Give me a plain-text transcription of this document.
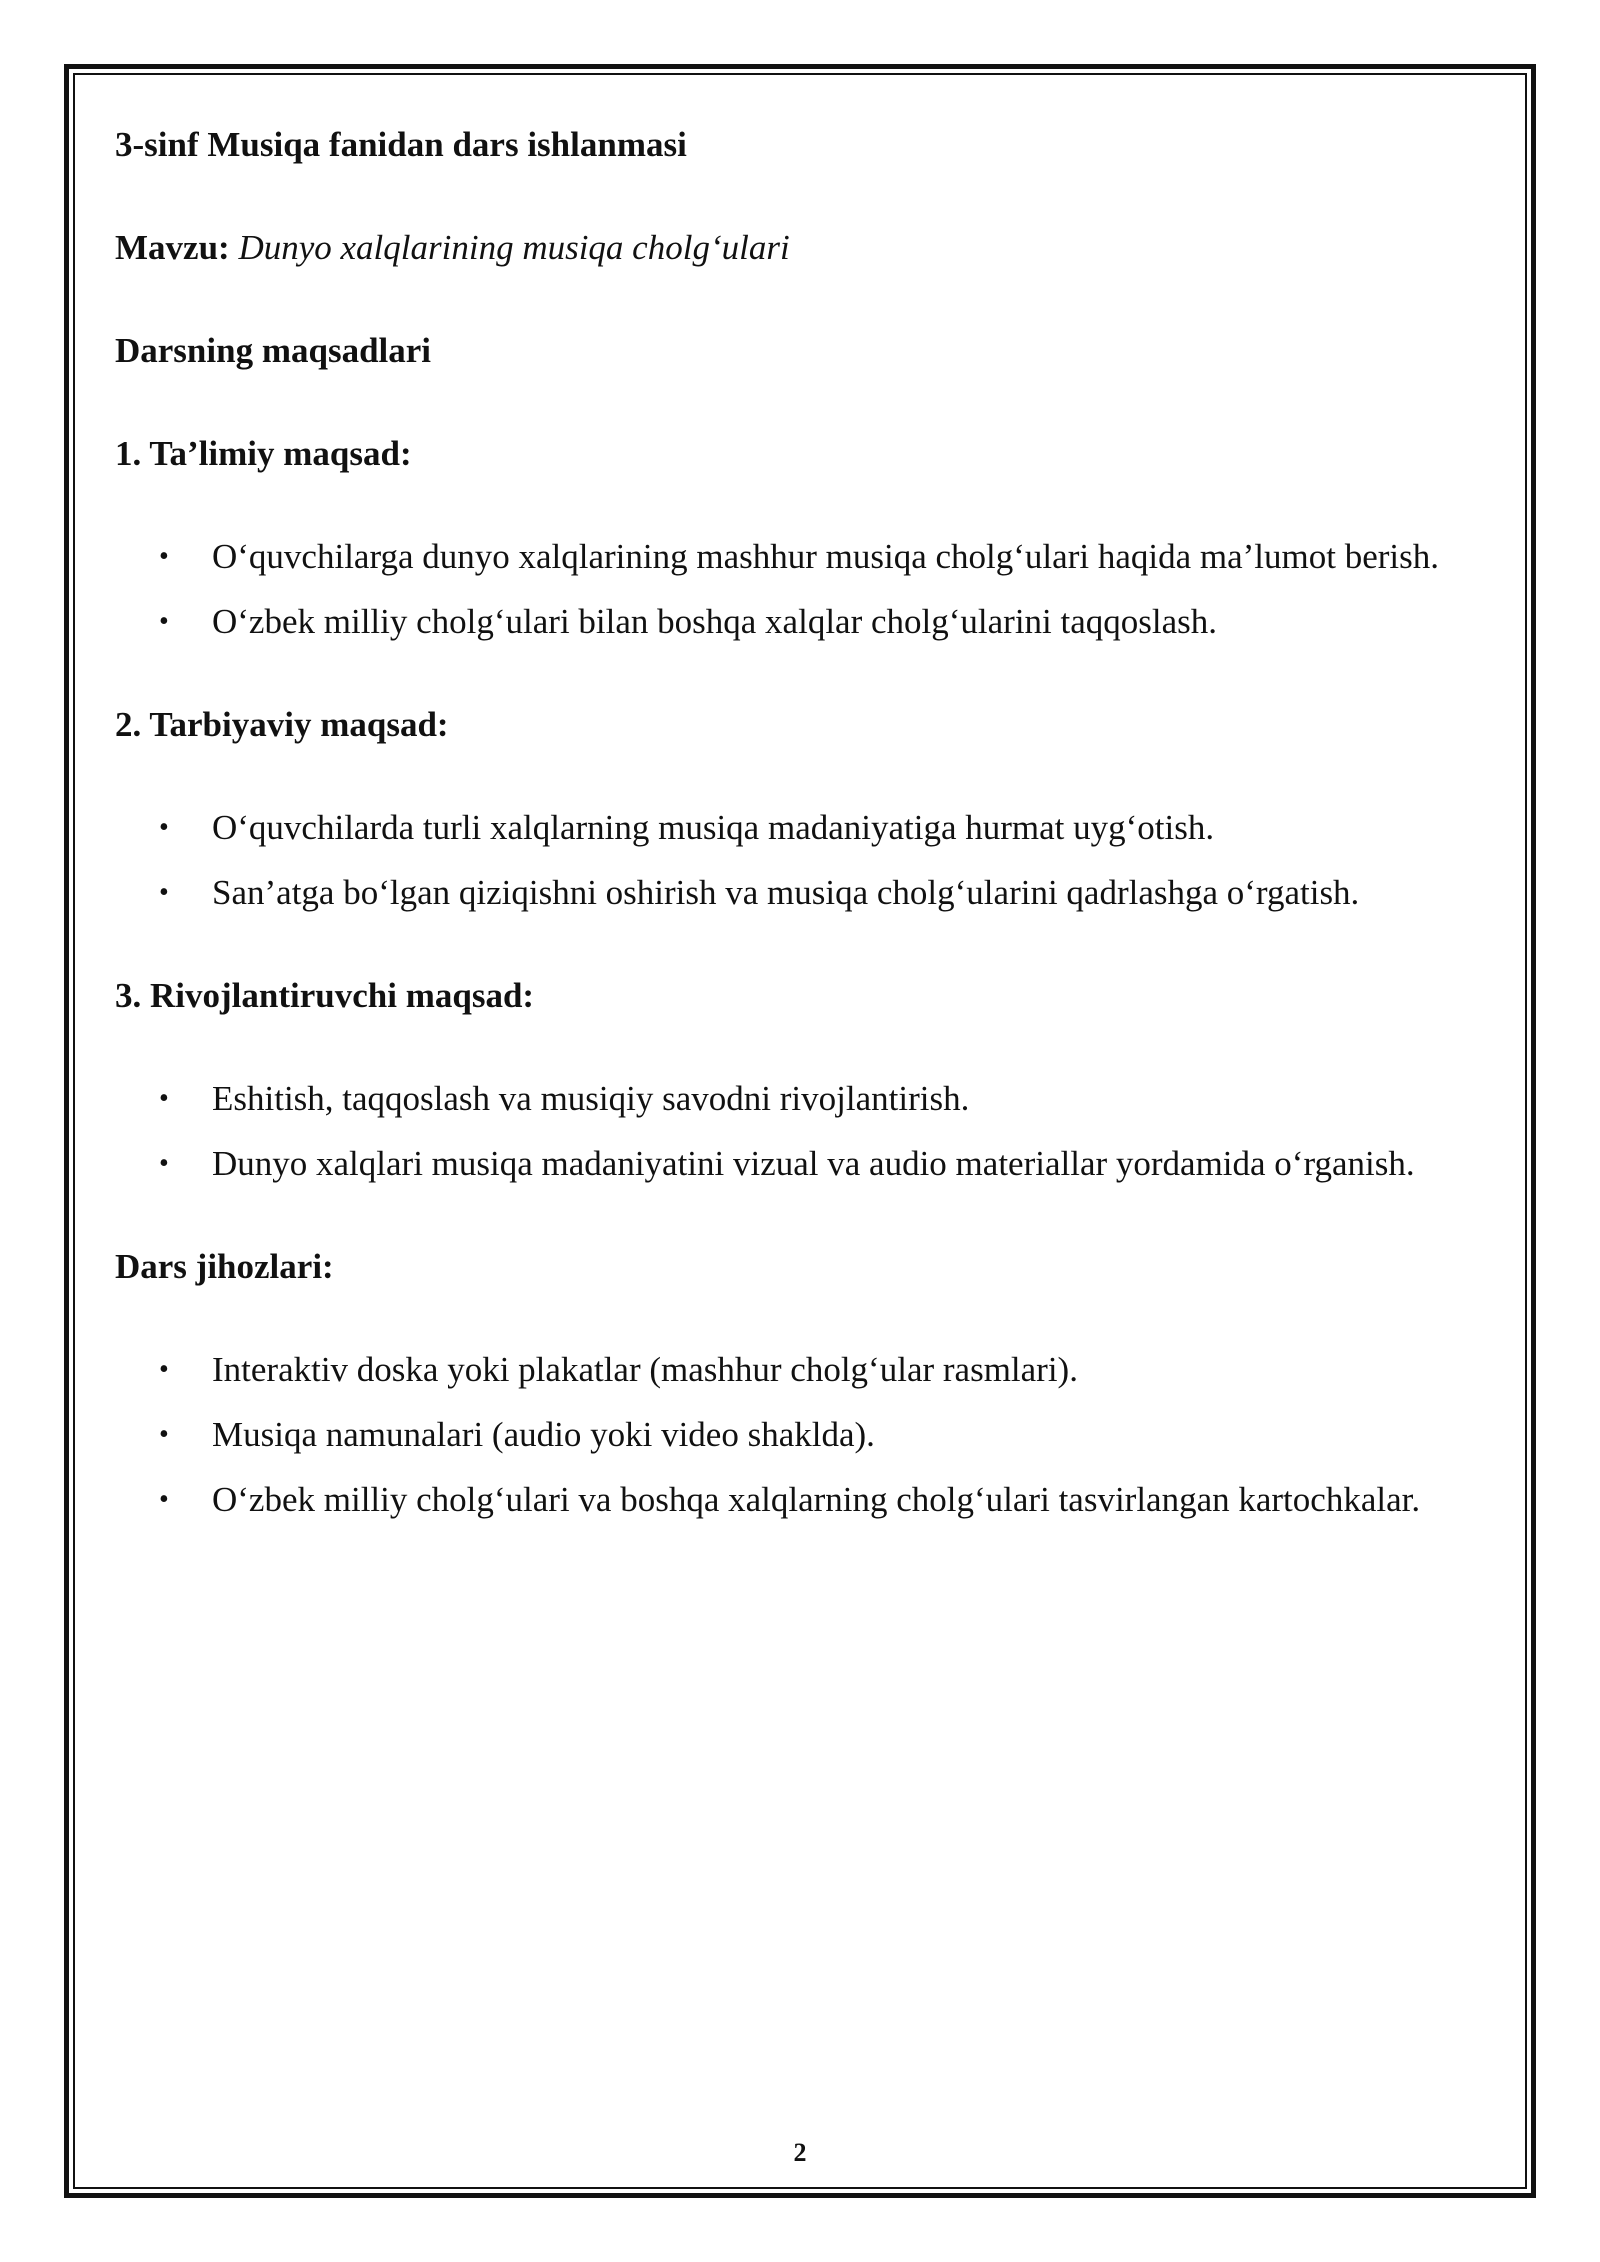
3-sinf Musiqa fanidan dars ishlanmasi

Mavzu: Dunyo xalqlarining musiqa cholg‘ulari

Darsning maqsadlari

1. Ta’limiy maqsad:

• O‘quvchilarga dunyo xalqlarining mashhur musiqa cholg‘ulari haqida ma’lumot berish.
• O‘zbek milliy cholg‘ulari bilan boshqa xalqlar cholg‘ularini taqqoslash.

2. Tarbiyaviy maqsad:

• O‘quvchilarda turli xalqlarning musiqa madaniyatiga hurmat uyg‘otish.
• San’atga bo‘lgan qiziqishni oshirish va musiqa cholg‘ularini qadrlashga o‘rgatish.

3. Rivojlantiruvchi maqsad:

• Eshitish, taqqoslash va musiqiy savodni rivojlantirish.
• Dunyo xalqlari musiqa madaniyatini vizual va audio materiallar yordamida o‘rganish.

Dars jihozlari:

• Interaktiv doska yoki plakatlar (mashhur cholg‘ular rasmlari).
• Musiqa namunalari (audio yoki video shaklda).
• O‘zbek milliy cholg‘ulari va boshqa xalqlarning cholg‘ulari tasvirlangan kartochkalar.
2
